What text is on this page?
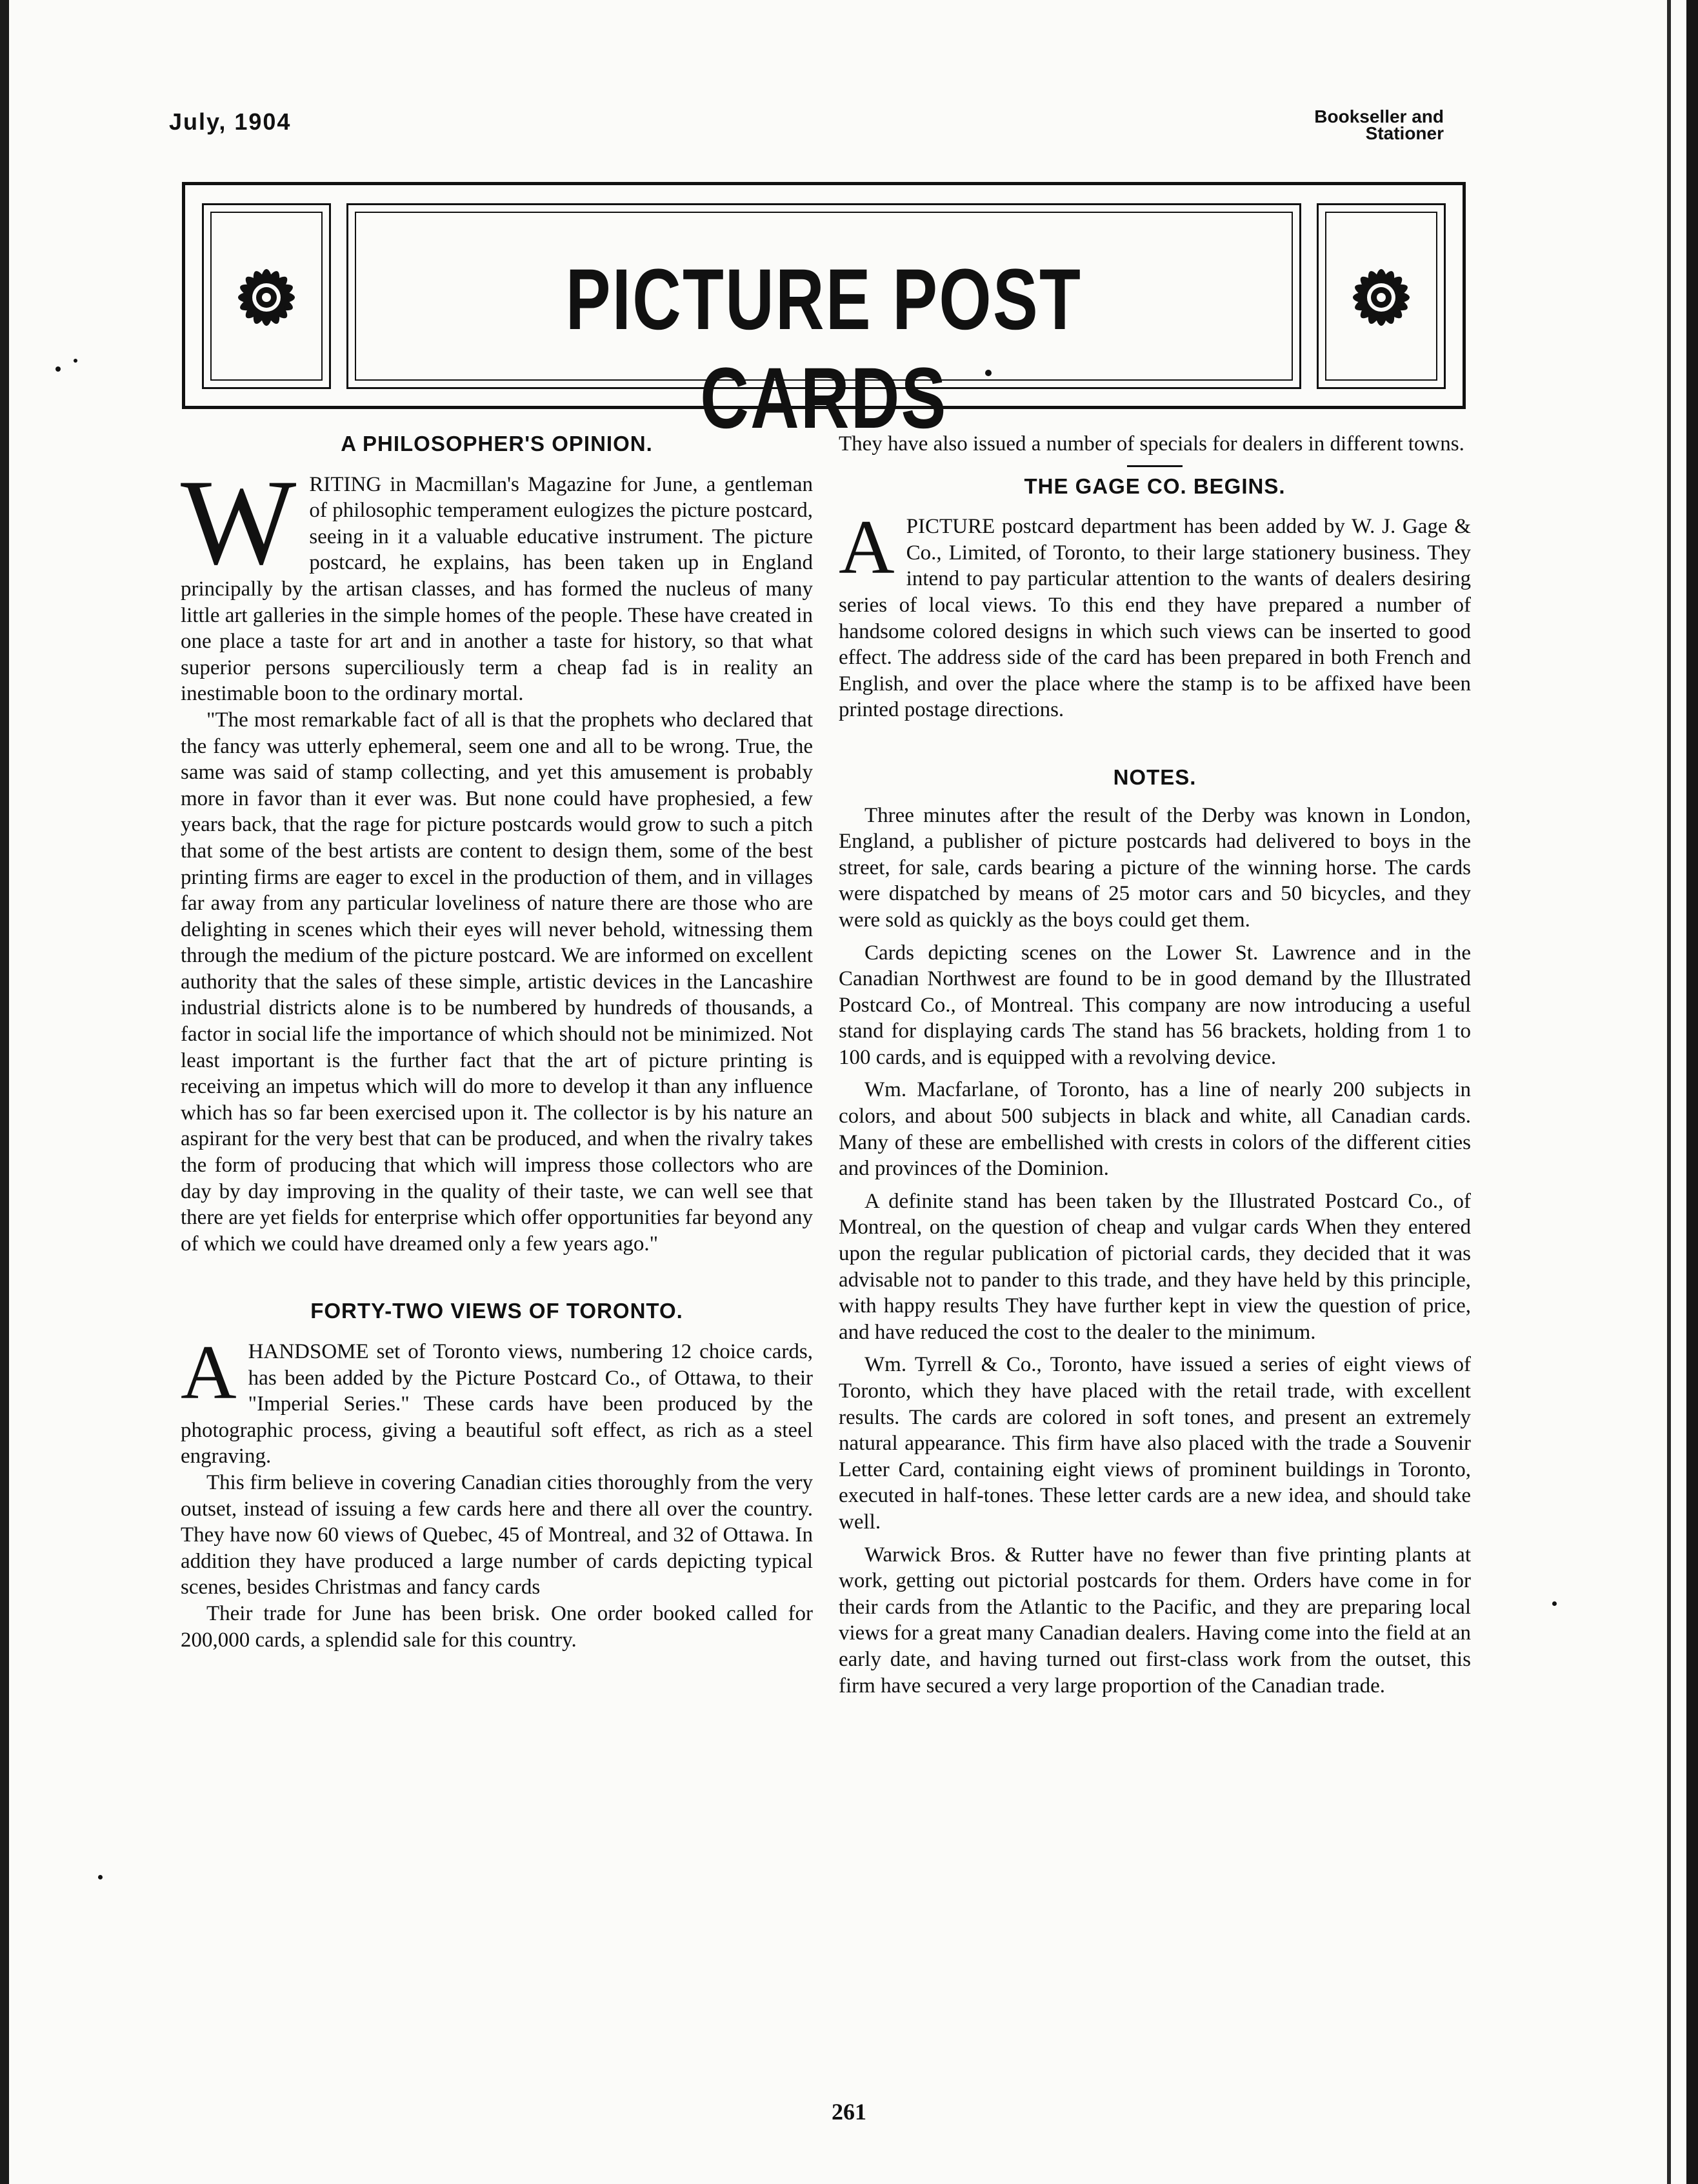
July, 1904	Bookseller and
Stationer
PICTURE POST CARDS
A PHILOSOPHER'S OPINION.

WRITING in Macmillan's Magazine for June, a gentleman of philosophic temperament eulogizes the picture postcard, seeing in it a valuable educative instrument. The picture postcard, he explains, has been taken up in England principally by the artisan classes, and has formed the nucleus of many little art galleries in the simple homes of the people. These have created in one place a taste for art and in another a taste for history, so that what superior persons superciliously term a cheap fad is in reality an inestimable boon to the ordinary mortal.

"The most remarkable fact of all is that the prophets who declared that the fancy was utterly ephemeral, seem one and all to be wrong. True, the same was said of stamp collecting, and yet this amusement is probably more in favor than it ever was. But none could have prophesied, a few years back, that the rage for picture postcards would grow to such a pitch that some of the best artists are content to design them, some of the best printing firms are eager to excel in the production of them, and in villages far away from any particular loveliness of nature there are those who are delighting in scenes which their eyes will never behold, witnessing them through the medium of the picture postcard. We are informed on excellent authority that the sales of these simple, artistic devices in the Lancashire industrial districts alone is to be numbered by hundreds of thousands, a factor in social life the importance of which should not be minimized. Not least important is the further fact that the art of picture printing is receiving an impetus which will do more to develop it than any influence which has so far been exercised upon it. The collector is by his nature an aspirant for the very best that can be produced, and when the rivalry takes the form of producing that which will impress those collectors who are day by day improving in the quality of their taste, we can well see that there are yet fields for enterprise which offer opportunities far beyond any of which we could have dreamed only a few years ago."

FORTY-TWO VIEWS OF TORONTO.

AHANDSOME set of Toronto views, numbering 12 choice cards, has been added by the Picture Postcard Co., of Ottawa, to their "Imperial Series." These cards have been produced by the photographic process, giving a beautiful soft effect, as rich as a steel engraving.

This firm believe in covering Canadian cities thoroughly from the very outset, instead of issuing a few cards here and there all over the country. They have now 60 views of Quebec, 45 of Montreal, and 32 of Ottawa. In addition they have produced a large number of cards depicting typical scenes, besides Christmas and fancy cards

Their trade for June has been brisk. One order booked called for 200,000 cards, a splendid sale for this country.

They have also issued a number of specials for dealers in different towns.

THE GAGE CO. BEGINS.

APICTURE postcard department has been added by W. J. Gage & Co., Limited, of Toronto, to their large stationery business. They intend to pay particular attention to the wants of dealers desiring series of local views. To this end they have prepared a number of handsome colored designs in which such views can be inserted to good effect. The address side of the card has been prepared in both French and English, and over the place where the stamp is to be affixed have been printed postage directions.

NOTES.

Three minutes after the result of the Derby was known in London, England, a publisher of picture postcards had delivered to boys in the street, for sale, cards bearing a picture of the winning horse. The cards were dispatched by means of 25 motor cars and 50 bicycles, and they were sold as quickly as the boys could get them.

Cards depicting scenes on the Lower St. Lawrence and in the Canadian Northwest are found to be in good demand by the Illustrated Postcard Co., of Montreal. This company are now introducing a useful stand for displaying cards The stand has 56 brackets, holding from 1 to 100 cards, and is equipped with a revolving device.

Wm. Macfarlane, of Toronto, has a line of nearly 200 subjects in colors, and about 500 subjects in black and white, all Canadian cards. Many of these are embellished with crests in colors of the different cities and provinces of the Dominion.

A definite stand has been taken by the Illustrated Postcard Co., of Montreal, on the question of cheap and vulgar cards When they entered upon the regular publication of pictorial cards, they decided that it was advisable not to pander to this trade, and they have held by this principle, with happy results They have further kept in view the question of price, and have reduced the cost to the dealer to the minimum.

Wm. Tyrrell & Co., Toronto, have issued a series of eight views of Toronto, which they have placed with the retail trade, with excellent results. The cards are colored in soft tones, and present an extremely natural appearance. This firm have also placed with the trade a Souvenir Letter Card, containing eight views of prominent buildings in Toronto, executed in half-tones. These letter cards are a new idea, and should take well.

Warwick Bros. & Rutter have no fewer than five printing plants at work, getting out pictorial postcards for them. Orders have come in for their cards from the Atlantic to the Pacific, and they are preparing local views for a great many Canadian dealers. Having come into the field at an early date, and having turned out first-class work from the outset, this firm have secured a very large proportion of the Canadian trade.

261
